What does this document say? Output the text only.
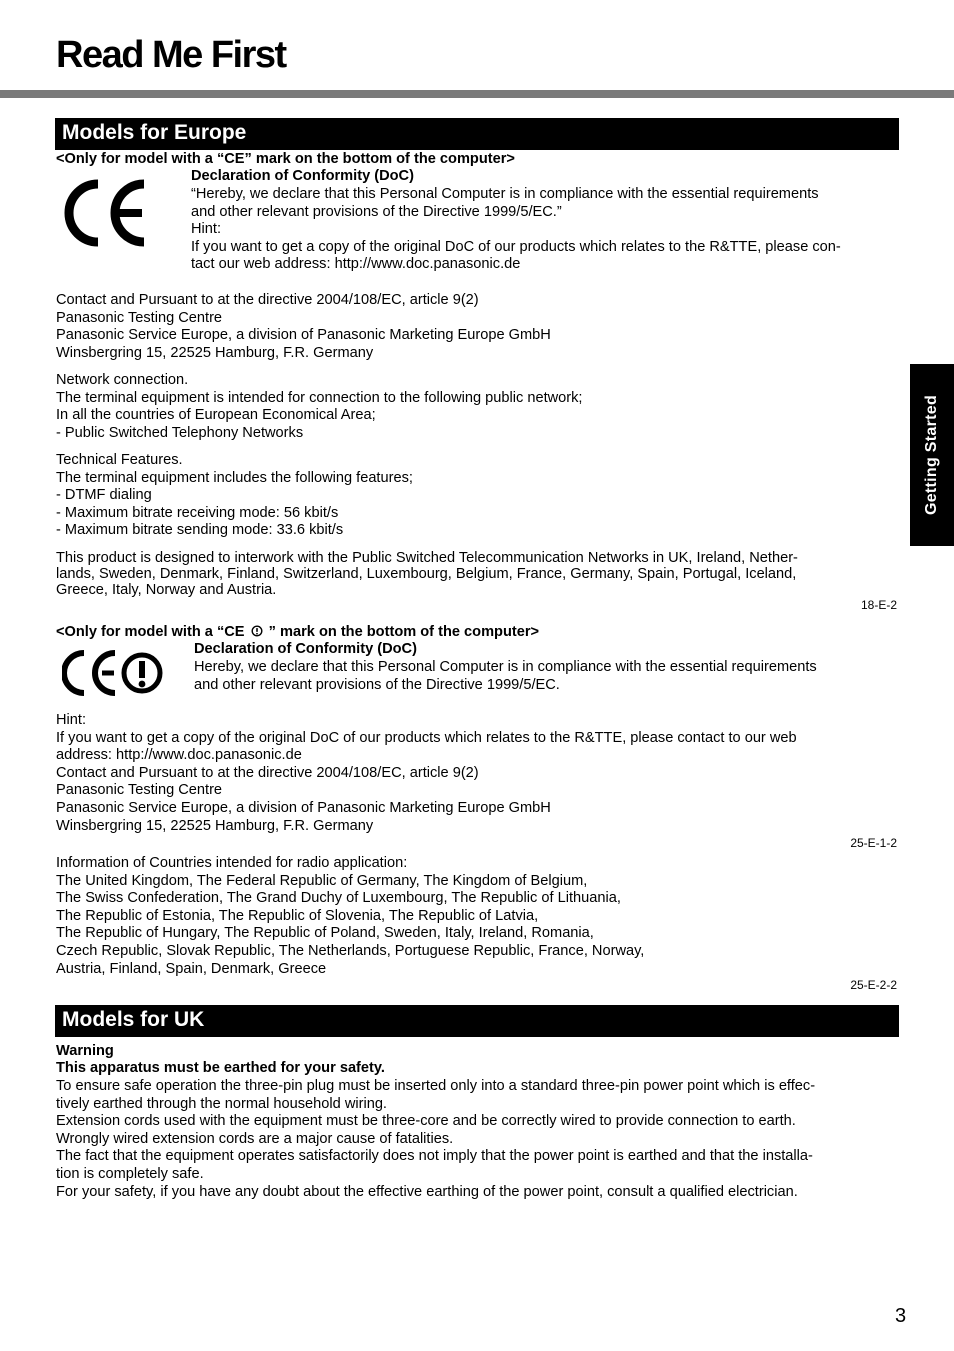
Read Me First
Getting Started
Models for Europe
<Only for model with a “CE” mark on the bottom of the computer>
Declaration of Conformity (DoC)
“Hereby, we declare that this Personal Computer is in compliance with the essential requirements
and other relevant provisions of the Directive 1999/5/EC.”
Hint:
If you want to get a copy of the original DoC of our products which relates to the R&TTE, please con-
tact our web address: http://www.doc.panasonic.de
Contact and Pursuant to at the directive 2004/108/EC, article 9(2)
Panasonic Testing Centre
Panasonic Service Europe, a division of Panasonic Marketing Europe GmbH
Winsbergring 15, 22525 Hamburg, F.R. Germany
Network connection.
The terminal equipment is intended for connection to the following public network;
In all the countries of European Economical Area;
- Public Switched Telephony Networks
Technical Features.
The terminal equipment includes the following features;
- DTMF dialing
- Maximum bitrate receiving mode: 56 kbit/s
- Maximum bitrate sending mode: 33.6 kbit/s
This product is designed to interwork with the Public Switched Telecommunication Networks in UK, Ireland, Nether-
lands, Sweden, Denmark, Finland, Switzerland, Luxembourg, Belgium, France, Germany, Spain, Portugal, Iceland,
Greece, Italy, Norway and Austria.
18-E-2
<Only for model with a “CE  ” mark on the bottom of the computer>
Declaration of Conformity (DoC)
Hereby, we declare that this Personal Computer is in compliance with the essential requirements
and other relevant provisions of the Directive 1999/5/EC.
Hint:
If you want to get a copy of the original DoC of our products which relates to the R&TTE, please contact to our web
address: http://www.doc.panasonic.de
Contact and Pursuant to at the directive 2004/108/EC, article 9(2)
Panasonic Testing Centre
Panasonic Service Europe, a division of Panasonic Marketing Europe GmbH
Winsbergring 15, 22525 Hamburg, F.R. Germany
25-E-1-2
Information of Countries intended for radio application:
The United Kingdom, The Federal Republic of Germany, The Kingdom of Belgium,
The Swiss Confederation, The Grand Duchy of Luxembourg, The Republic of Lithuania,
The Republic of Estonia, The Republic of Slovenia, The Republic of Latvia,
The Republic of Hungary, The Republic of Poland, Sweden, Italy, Ireland, Romania,
Czech Republic, Slovak Republic, The Netherlands, Portuguese Republic, France, Norway,
Austria, Finland, Spain, Denmark, Greece
25-E-2-2
Models for UK
Warning
This apparatus must be earthed for your safety.
To ensure safe operation the three-pin plug must be inserted only into a standard three-pin power point which is effec-
tively earthed through the normal household wiring.
Extension cords used with the equipment must be three-core and be correctly wired to provide connection to earth.
Wrongly wired extension cords are a major cause of fatalities.
The fact that the equipment operates satisfactorily does not imply that the power point is earthed and that the installa-
tion is completely safe.
For your safety, if you have any doubt about the effective earthing of the power point, consult a qualified electrician.
3
